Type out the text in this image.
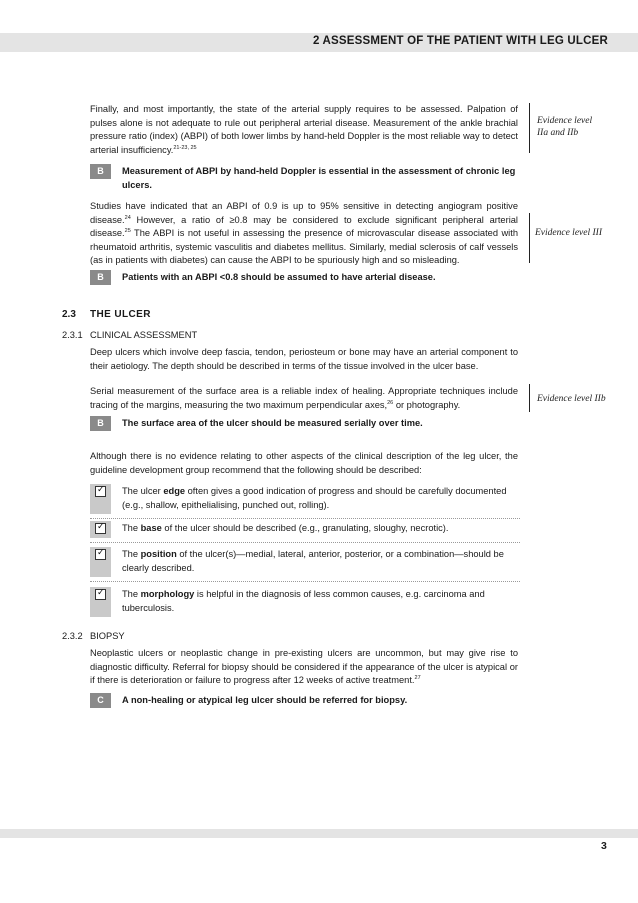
2 ASSESSMENT OF THE PATIENT WITH LEG ULCER

Finally, and most importantly, the state of the arterial supply requires to be assessed. Palpation of pulses alone is not adequate to rule out peripheral arterial disease. Measurement of the ankle brachial pressure ratio (index) (ABPI) of both lower limbs by hand-held Doppler is the most reliable way to detect arterial insufficiency.$^{21-23, 25}$

Evidence level
IIa and IIb
B	Measurement of ABPI by hand-held Doppler is essential in the assessment of chronic leg ulcers.

Studies have indicated that an ABPI of 0.9 is up to 95% sensitive in detecting angiogram positive disease.$^{24}$ However, a ratio of ≥0.8 may be considered to exclude significant peripheral arterial disease.$^{25}$ The ABPI is not useful in assessing the presence of microvascular disease associated with rheumatoid arthritis, systemic vasculitis and diabetes mellitus. Similarly, medial sclerosis of calf vessels (as in patients with diabetes) can cause the ABPI to be spuriously high and so misleading.

Evidence level III
B	Patients with an ABPI <0.8 should be assumed to have arterial disease.

2.3 THE ULCER
2.3.1 CLINICAL ASSESSMENT

Deep ulcers which involve deep fascia, tendon, periosteum or bone may have an arterial component to their aetiology. The depth should be described in terms of the tissue involved in the ulcer base.

Serial measurement of the surface area is a reliable index of healing. Appropriate techniques include tracing of the margins, measuring the two maximum perpendicular axes,$^{26}$ or photography.

Evidence level IIb
B	The surface area of the ulcer should be measured serially over time.

Although there is no evidence relating to other aspects of the clinical description of the leg ulcer, the guideline development group recommend that the following should be described:

✓

The ulcer edge often gives a good indication of progress and should be carefully documented (e.g., shallow, epithelialising, punched out, rolling).

✓

The base of the ulcer should be described (e.g., granulating, sloughy, necrotic).

✓

The position of the ulcer(s)—medial, lateral, anterior, posterior, or a combination—should be clearly described.

✓

The morphology is helpful in the diagnosis of less common causes, e.g. carcinoma and tuberculosis.

2.3.2 BIOPSY

Neoplastic ulcers or neoplastic change in pre-existing ulcers are uncommon, but may give rise to diagnostic difficulty. Referral for biopsy should be considered if the appearance of the ulcer is atypical or if there is deterioration or failure to progress after 12 weeks of active treatment.$^{27}$

C	A non-healing or atypical leg ulcer should be referred for biopsy.

3
